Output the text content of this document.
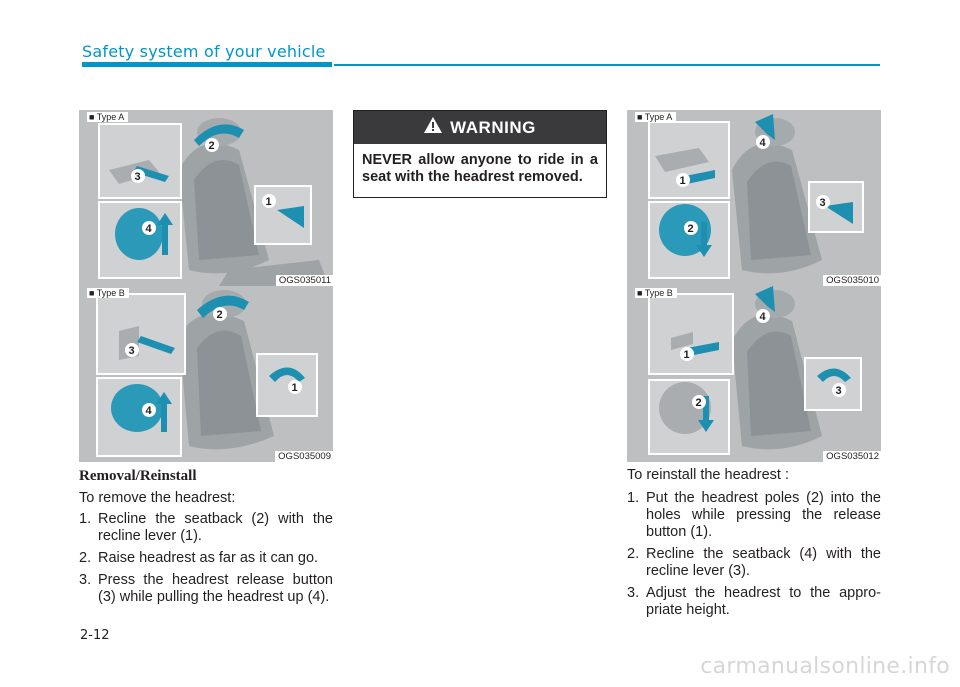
Safety system of your vehicle
2
3
4
1
■ Type A
OGS035011
2
3
4
1
■ Type B
OGS035009
WARNING
NEVER allow anyone to ride in a seat with the headrest removed.
4
1
2
3
■ Type A
OGS035010
4
1
2
3
■ Type B
OGS035012
Removal/Reinstall
To remove the headrest:
1. Recline the seatback (2) with the recline lever (1).
2. Raise headrest as far as it can go.
3. Press the headrest release button (3) while pulling the headrest up (4).
To reinstall the headrest :
1. Put the headrest poles (2) into the holes while pressing the release button (1).
2. Recline the seatback (4) with the recline lever (3).
3. Adjust the headrest to the appro- priate height.
2-12
carmanualsonline.info
